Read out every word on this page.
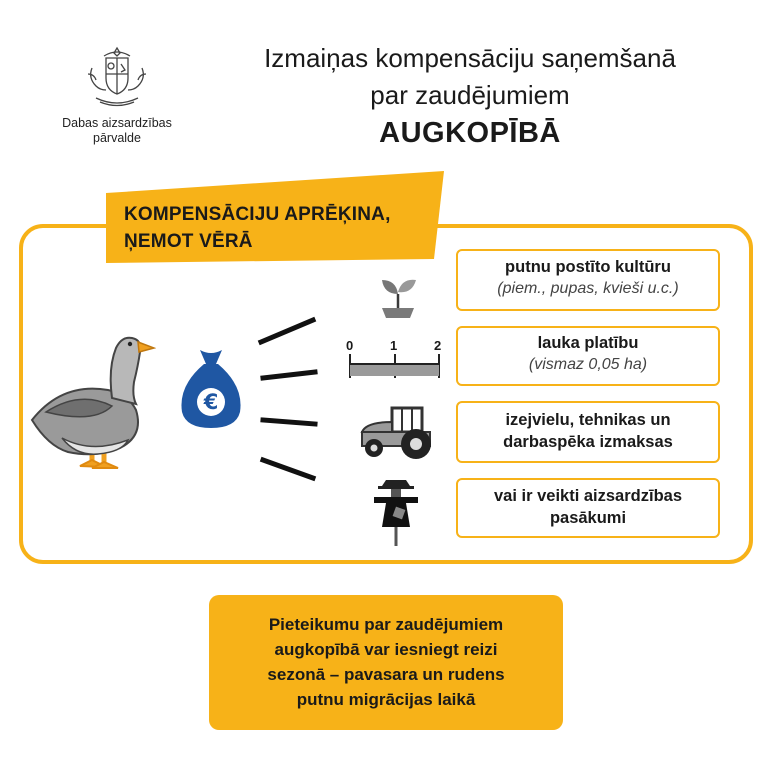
Dabas aizsardzības
pārvalde
Izmaiņas kompensāciju saņemšanā
par zaudējumiem
AUGKOPĪBĀ
KOMPENSĀCIJU APRĒĶINA,
ŅEMOT VĒRĀ
€
0	1	2
putnu postīto kultūru
(piem., pupas, kvieši u.c.)
lauka platību
(vismaz 0,05 ha)
izejvielu, tehnikas un
darbaspēka izmaksas
vai ir veikti aizsardzības
pasākumi
Pieteikumu par zaudējumiem
augkopībā var iesniegt reizi
sezonā – pavasara un rudens
putnu migrācijas laikā
